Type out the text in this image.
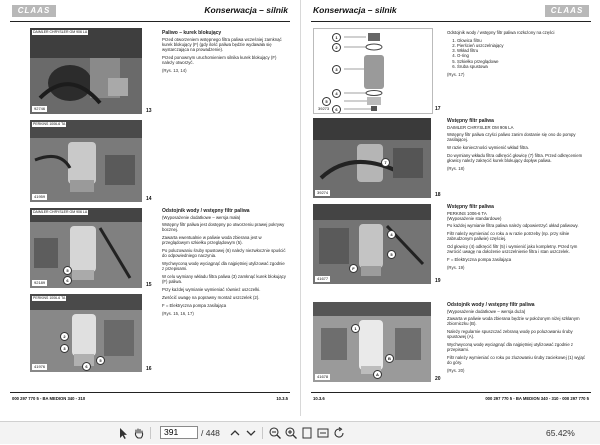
CLAAS	Konserwacja – silnik
DAIMLER CHRYSLER OM 906 LA
92746	13
PERKINS 1006-6 TA
41959	14
DAIMLER CHRYSLER OM 906 LA
5
6
92189	15
PERKINS 1006-6 TA
2
3
5
6
41976	16

Paliwo – kurek blokujący

Przed otworzeniem wstępnego filtra paliwa wcześniej zamknąć kurek blokujący (F) (gdy ilość paliwa będzie wydawała się wystarczająca na prowadzenie).

Przed ponownym uruchomieniem silnika kurek blokujący (F) należy otworzyć.

(Rys. 13, 14)

Odstojnik wody / wstępny filtr paliwa

(Wyposażenie dodatkowe – wersja mała)

Wstępny filtr paliwa jest dostępny po otworzeniu prawej pokrywy bocznej.

Zawarta ewentualnie w paliwie woda zbierana jest w przeglądowym szkiełku przeglądowym (5).

Po poluzowaniu śruby spustowej (6) należy niezwłocznie spuścić do odpowiedniego naczynia.

Wychwyconą wodę wyciągnąć dla najpiętniej utylizować zgodnie z przepisami.

W celu wymiany wkładu filtra paliwa (3) zamknąć kurek blokujący (F) paliwa.

Przy każdej wymianie wymieniać również uszczelki.

Zwrócić uwagę na poprawny montaż uszczelek (2).

F = Elektryczna pompa zasilająca

(Rys. 15, 16, 17)

000 297 770 5 - BA MEDION 340 - 310	10.3.5
Konserwacja – silnik	CLAAS
1
2
3
4
5
6
39273	17
7
39274	18
4
5
F
41677	19
1
B
A
41678	20

Odstojnik wody / wstępny filtr paliwa rozłożony na części

1. Głowica filtru
2. Pierścień uszczelniający
3. Wkład filtru
4. O-ring
5. Szkiełko przeglądowe
6. Śruba spustowa

(Rys. 17)

Wstępny filtr paliwa

DAIMLER CHRYSLER OM 906 LA

Wstępny filtr paliwa czyści paliwo zanim dostanie się ono do pompy zasilającej.

W razie konieczności wymienić wkład filtra.

Do wymiany wkładu filtra odkręcić głowicę (7) filtra. Przed odkręceniem głowicy należy zakręcić kurek blokujący dopływ paliwa.

(Rys. 18)

Wstępny filtr paliwa

PERKINS 1006-6 TA

(Wyposażenie standardowe)

Po każdej wymianie filtra paliwa należy odpowietrzyć układ paliwowy.

Filtr należy wymieniać co roku a w razie potrzeby (np. przy silnie zabrudzonym paliwie) częściej.

Od głowicy (4) odkręcić filtr (5) i wymienić jako kompletny. Przed tym zwrócić uwagę na dołożenie uszczelnienie filtra i stan uszczelek.

F = Elektryczna pompa zasilająca

(Rys. 19)

Odstojnik wody / wstępny filtr paliwa

(Wyposażenie dodatkowe – wersja duża)

Zawarta w paliwie woda zbierana będzie w położonym niżej szklanym zbiorniczku (B).

Należy regularnie spuszczać zebraną wodę po poluzowaniu śruby spustowej (A).

Wychwyconą wodę wyciągnąć dla najpiętniej utylizować zgodnie z przepisami.

Filtr należy wymieniać co roku po zluzowaniu śruby zaciekowej (1) wyjąć do góry.

(Rys. 20)

10.3.6	000 297 770 5 - BA MEDION 340 - 310 - 000 297 770 5
391
/ 448	65.42%
